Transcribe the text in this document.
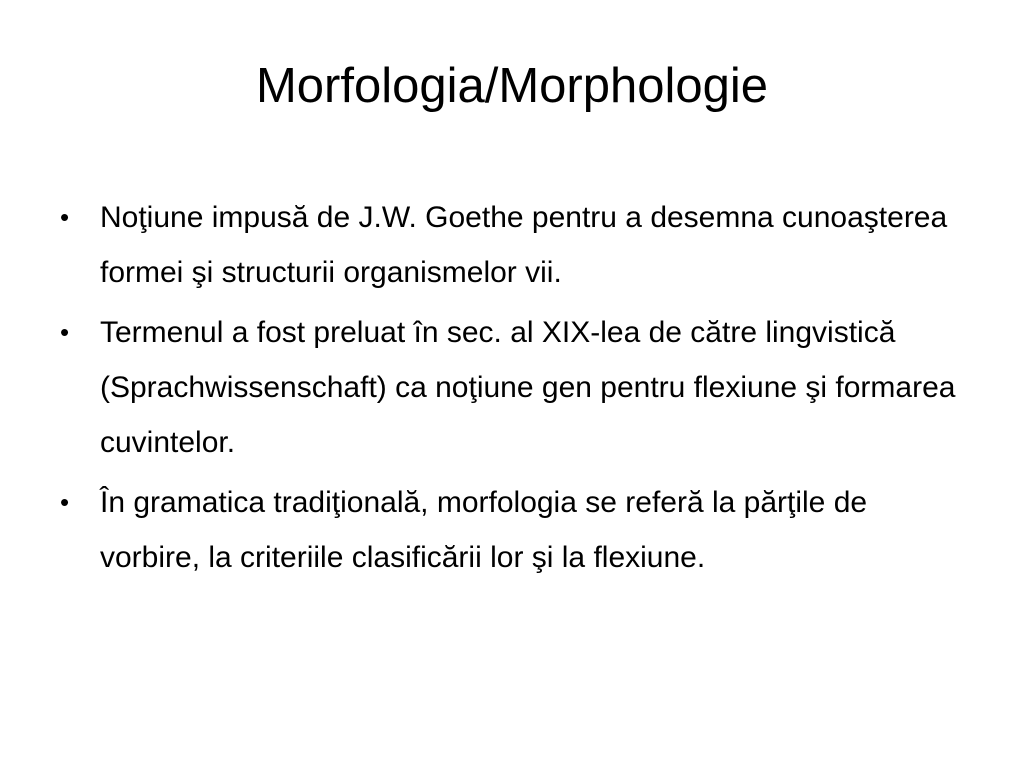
Morfologia/Morphologie
•	Noţiune impusă de J.W. Goethe pentru a desemna cunoaşterea formei şi structurii organismelor vii.
•	Termenul a fost preluat în sec. al XIX-lea de către lingvistică (Sprachwissenschaft) ca noţiune gen pentru flexiune şi formarea cuvintelor.
•	În gramatica tradiţională, morfologia se referă la părţile de vorbire, la criteriile clasificării lor şi la flexiune.
